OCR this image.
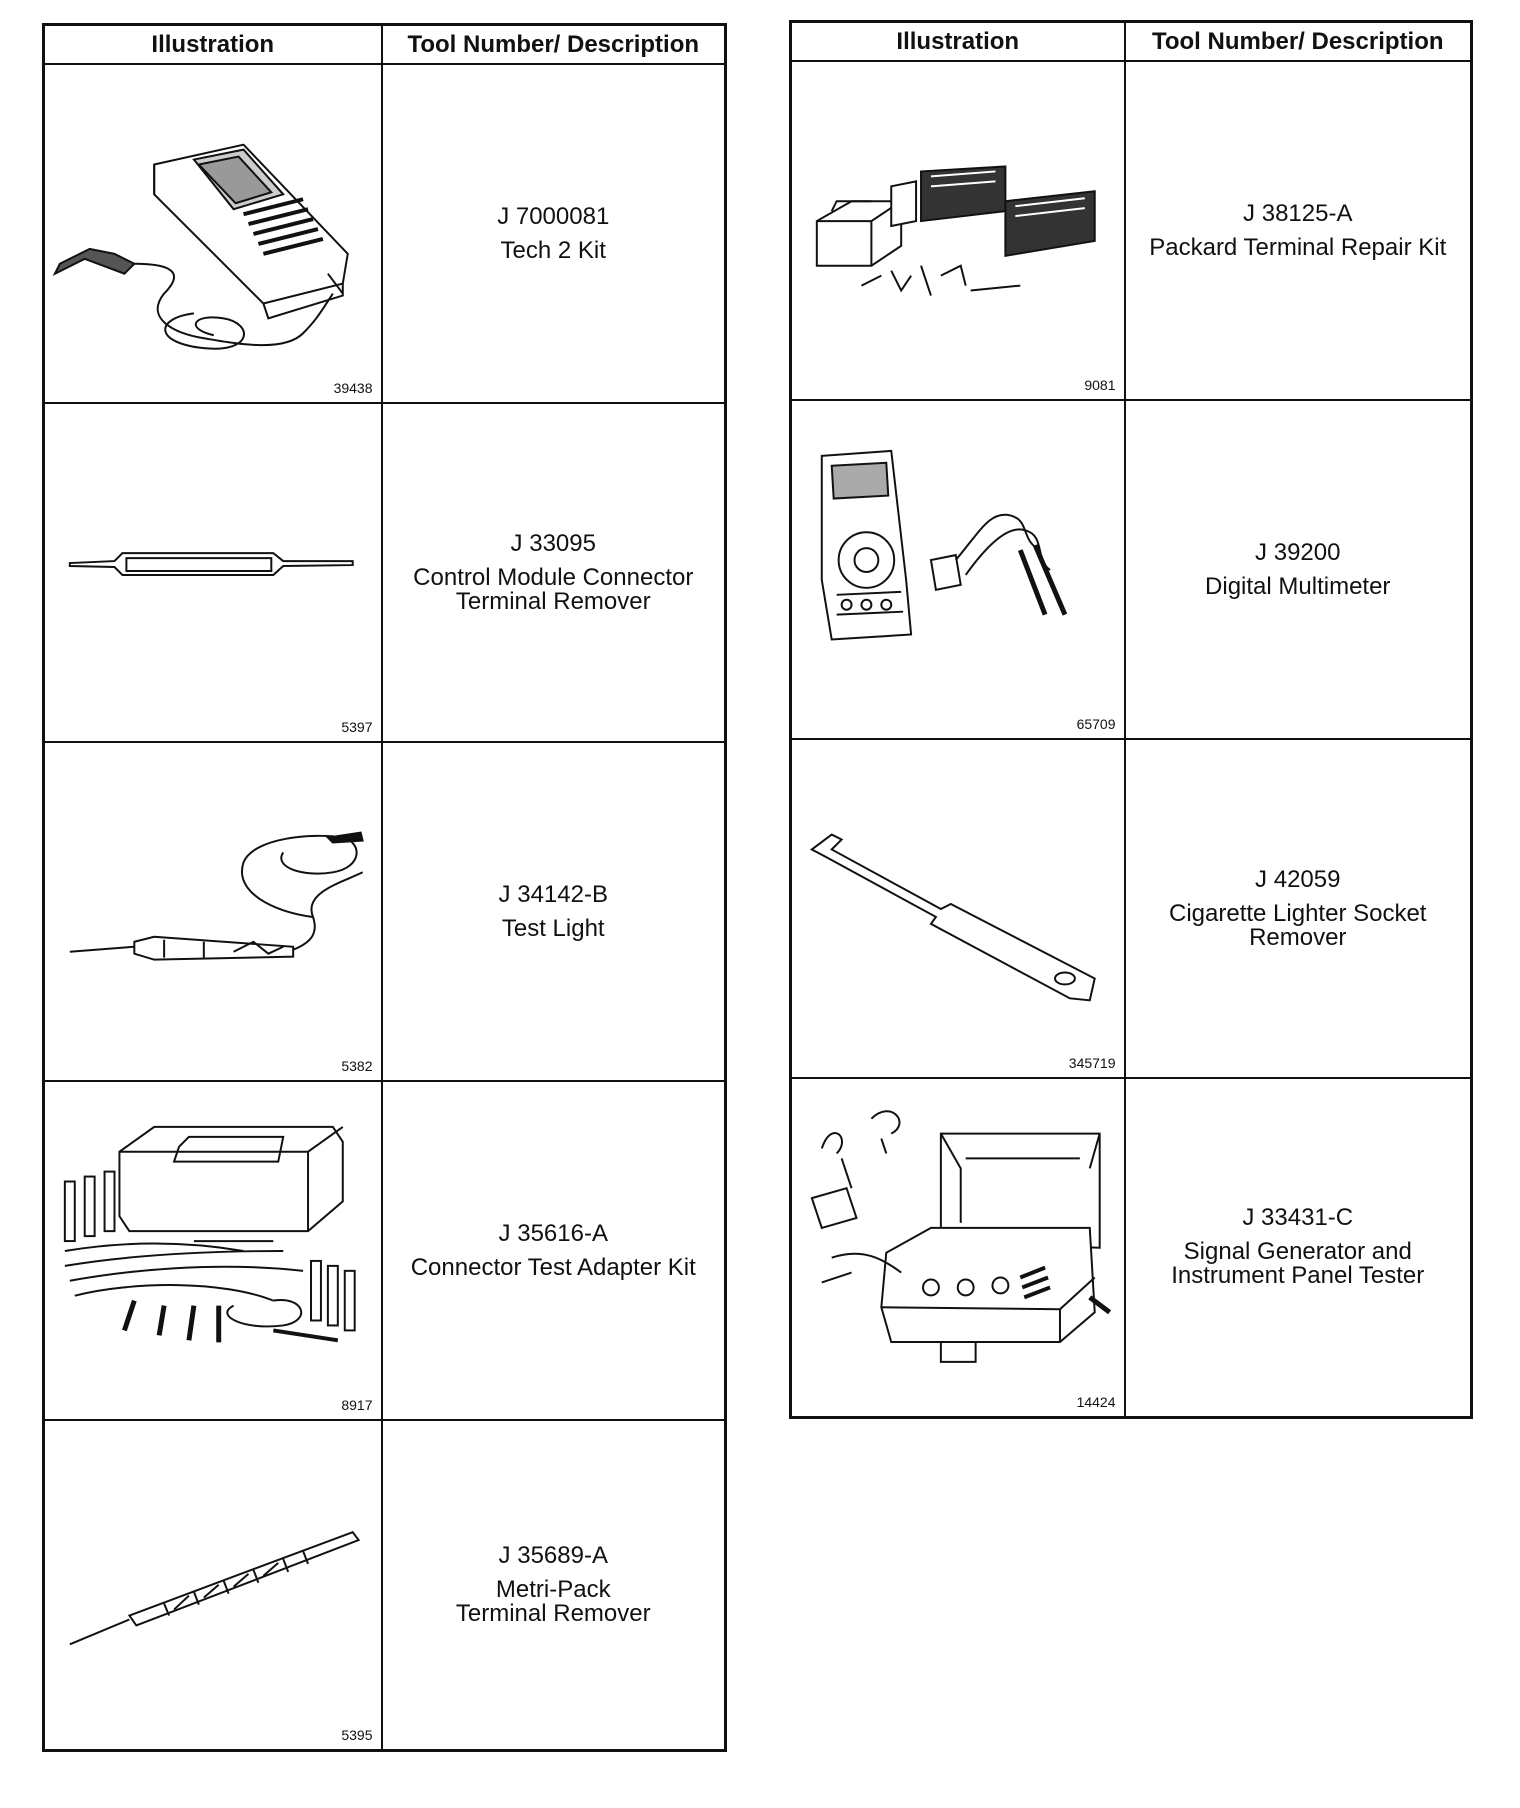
Illustration	Tool Number/ Description

39438	J 7000081
Tech 2 Kit

5397	J 33095
Control Module Connector
Terminal Remover

5382	J 34142-B
Test Light

8917	J 35616-A
Connector Test Adapter Kit

5395	J 35689-A
Metri-Pack
Terminal Remover
Illustration	Tool Number/ Description

9081	J 38125-A
Packard Terminal Repair Kit

65709	J 39200
Digital Multimeter

345719	J 42059
Cigarette Lighter Socket
Remover

14424	J 33431-C
Signal Generator and
Instrument Panel Tester
